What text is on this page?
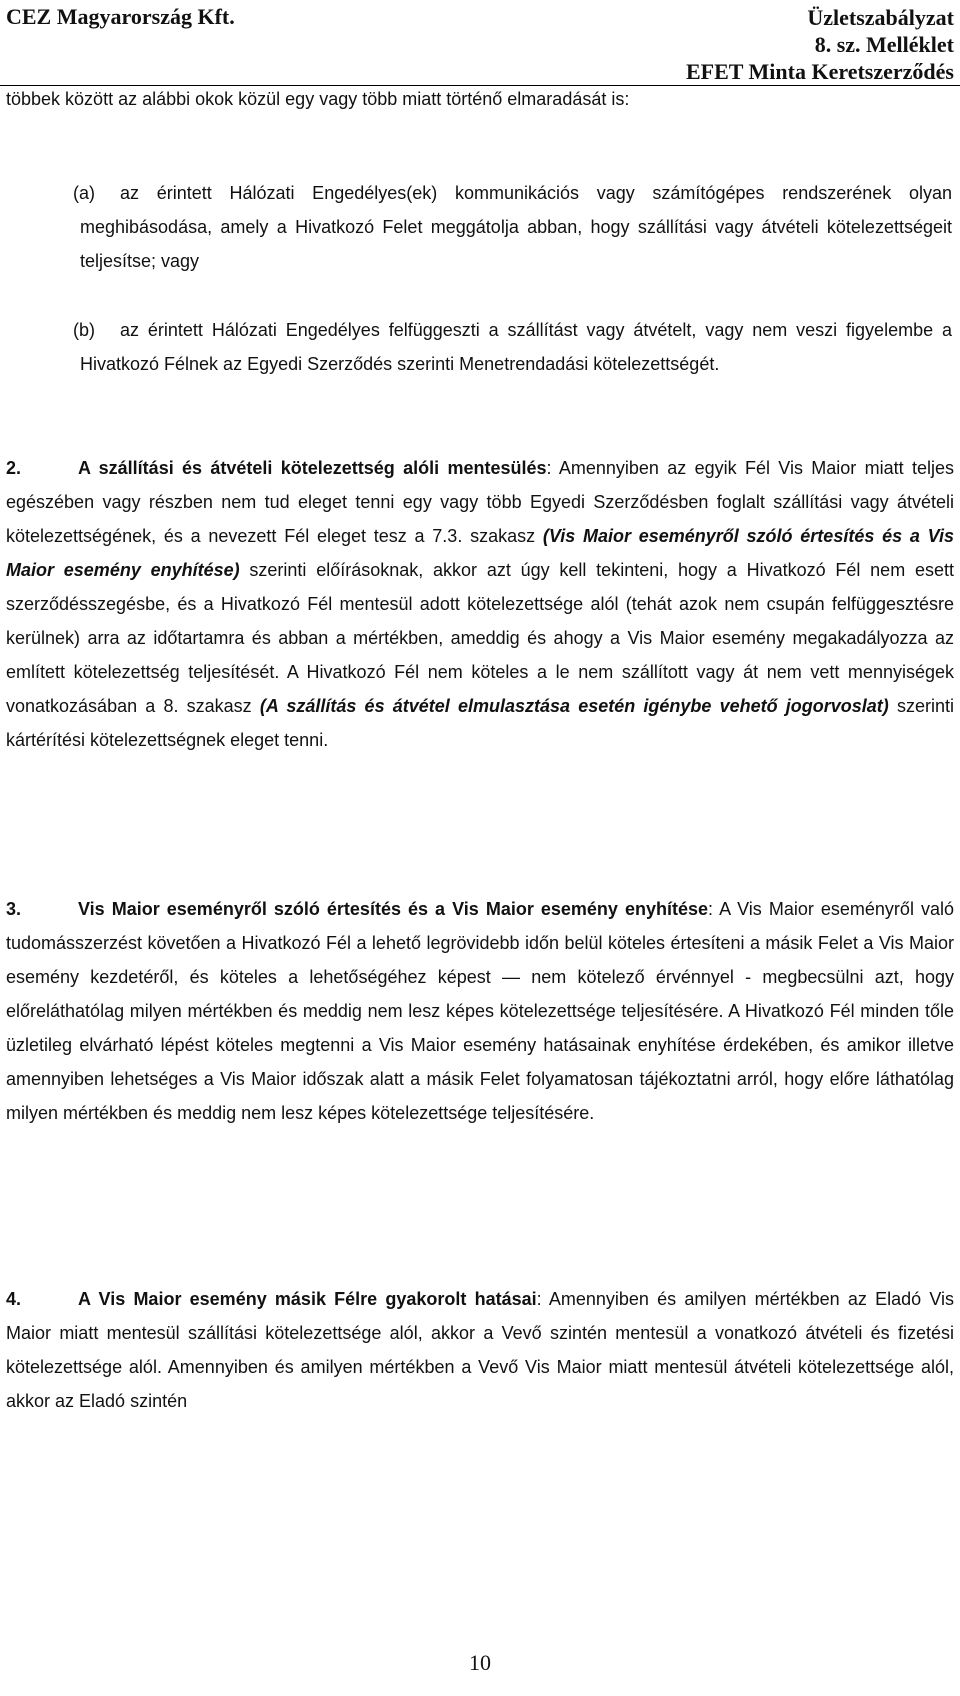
CEZ Magyarország Kft.	Üzletszabályzat
8. sz. Melléklet
EFET Minta Keretszerződés

többek között az alábbi okok közül egy vagy több miatt történő elmaradását is:

(a)	az érintett Hálózati Engedélyes(ek) kommunikációs vagy számítógépes rendszerének olyan meghibásodása, amely a Hivatkozó Felet meggátolja abban, hogy szállítási vagy átvételi kötelezettségeit teljesítse; vagy
(b)	az érintett Hálózati Engedélyes felfüggeszti a szállítást vagy átvételt, vagy nem veszi figyelembe a Hivatkozó Félnek az Egyedi Szerződés szerinti Menetrendadási kötelezettségét.

2.	A szállítási és átvételi kötelezettség alóli mentesülés: Amennyiben az egyik Fél Vis Maior miatt teljes egészében vagy részben nem tud eleget tenni egy vagy több Egyedi Szerződésben foglalt szállítási vagy átvételi kötelezettségének, és a nevezett Fél eleget tesz a 7.3. szakasz (Vis Maior eseményről szóló értesítés és a Vis Maior esemény enyhítése) szerinti előírásoknak, akkor azt úgy kell tekinteni, hogy a Hivatkozó Fél nem esett szerződésszegésbe, és a Hivatkozó Fél mentesül adott kötelezettsége alól (tehát azok nem csupán felfüggesztésre kerülnek) arra az időtartamra és abban a mértékben, ameddig és ahogy a Vis Maior esemény megakadályozza az említett kötelezettség teljesítését. A Hivatkozó Fél nem köteles a le nem szállított vagy át nem vett mennyiségek vonatkozásában a 8. szakasz (A szállítás és átvétel elmulasztása esetén igénybe vehető jogorvoslat) szerinti kártérítési kötelezettségnek eleget tenni.

3.	Vis Maior eseményről szóló értesítés és a Vis Maior esemény enyhítése: A Vis Maior eseményről való tudomásszerzést követően a Hivatkozó Fél a lehető legrövidebb időn belül köteles értesíteni a másik Felet a Vis Maior esemény kezdetéről, és köteles a lehetőségéhez képest — nem kötelező érvénnyel - megbecsülni azt, hogy előreláthatólag milyen mértékben és meddig nem lesz képes kötelezettsége teljesítésére. A Hivatkozó Fél minden tőle üzletileg elvárható lépést köteles megtenni a Vis Maior esemény hatásainak enyhítése érdekében, és amikor illetve amennyiben lehetséges a Vis Maior időszak alatt a másik Felet folyamatosan tájékoztatni arról, hogy előre láthatólag milyen mértékben és meddig nem lesz képes kötelezettsége teljesítésére.

4.	A Vis Maior esemény másik Félre gyakorolt hatásai: Amennyiben és amilyen mértékben az Eladó Vis Maior miatt mentesül szállítási kötelezettsége alól, akkor a Vevő szintén mentesül a vonatkozó átvételi és fizetési kötelezettsége alól. Amennyiben és amilyen mértékben a Vevő Vis Maior miatt mentesül átvételi kötelezettsége alól, akkor az Eladó szintén

10
